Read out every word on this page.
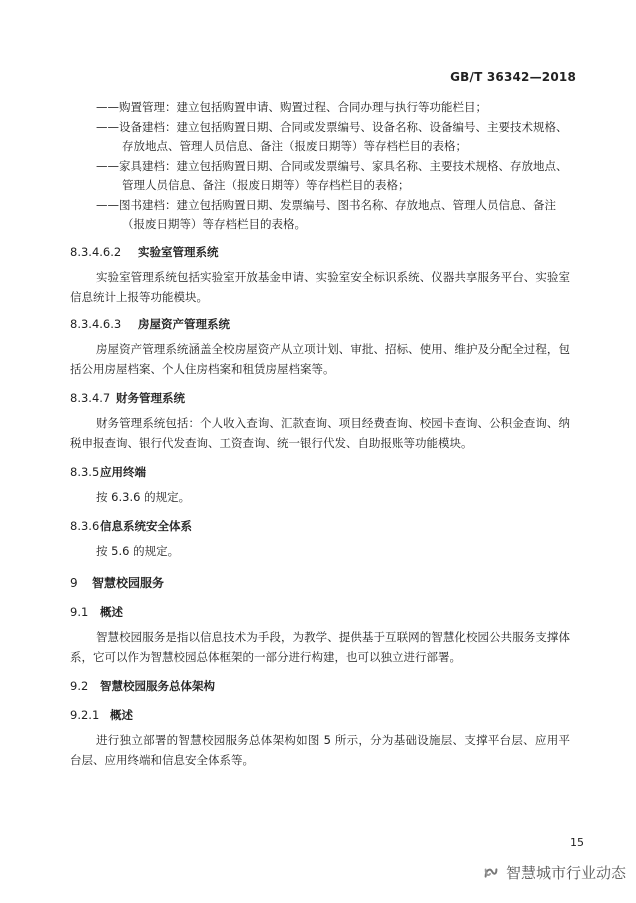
GB/T 36342—2018

——购置管理：建立包括购置申请、购置过程、合同办理与执行等功能栏目；

——设备建档：建立包括购置日期、合同或发票编号、设备名称、设备编号、主要技术规格、存放地点、管理人员信息、备注（报废日期等）等存档栏目的表格；

——家具建档：建立包括购置日期、合同或发票编号、家具名称、主要技术规格、存放地点、管理人员信息、备注（报废日期等）等存档栏目的表格；

——图书建档：建立包括购置日期、发票编号、图书名称、存放地点、管理人员信息、备注（报废日期等）等存档栏目的表格。

8.3.4.6.2 实验室管理系统

实验室管理系统包括实验室开放基金申请、实验室安全标识系统、仪器共享服务平台、实验室信息统计上报等功能模块。

8.3.4.6.3 房屋资产管理系统

房屋资产管理系统涵盖全校房屋资产从立项计划、审批、招标、使用、维护及分配全过程，包括公用房屋档案、个人住房档案和租赁房屋档案等。

8.3.4.7 财务管理系统

财务管理系统包括：个人收入查询、汇款查询、项目经费查询、校园卡查询、公积金查询、纳税申报查询、银行代发查询、工资查询、统一银行代发、自助报账等功能模块。

8.3.5应用终端

按 6.3.6 的规定。

8.3.6信息系统安全体系

按 5.6 的规定。

9 智慧校园服务
9.1 概述

智慧校园服务是指以信息技术为手段，为教学、提供基于互联网的智慧化校园公共服务支撑体系，它可以作为智慧校园总体框架的一部分进行构建，也可以独立进行部署。

9.2 智慧校园服务总体架构
9.2.1 概述

进行独立部署的智慧校园服务总体架构如图 5 所示，分为基础设施层、支撑平台层、应用平台层、应用终端和信息安全体系等。

15
智慧城市行业动态
